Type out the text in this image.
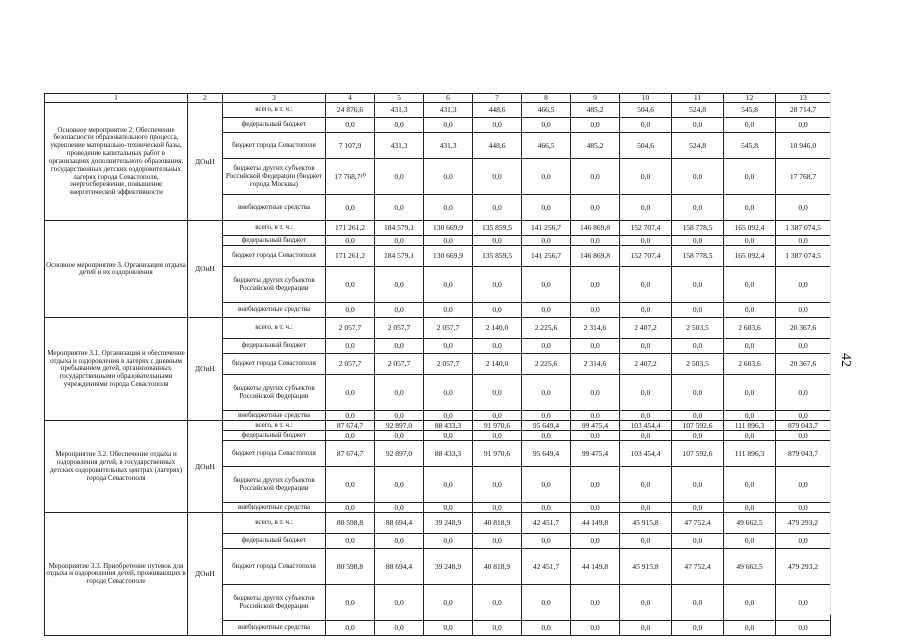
1	2	3	4	5	6	7	8	9	10	11	12	13
Основное мероприятие 2. Обеспечение безопасности образовательного процесса, укрепление материально-технической базы, проведение капитальных работ в организациях дополнительного образования, государственных детских оздоровительных лагерях города Севастополя, энергосбережение, повышение энергетической эффективности	ДОиН	всего, в т. ч.:	24 876,6	431,3	431,3	448,6	466,5	485,2	504,6	524,8	545,8	28 714,7
		федеральный бюджет	0,0	0,0	0,0	0,0	0,0	0,0	0,0	0,0	0,0	0,0
		бюджет города Севастополя	7 107,9	431,3	431,3	448,6	466,5	485,2	504,6	524,8	545,8	10 946,0
		бюджеты других субъектов Российской Федерации (бюджет города Москвы)	17 768,7¹⁰	0,0	0,0	0,0	0,0	0,0	0,0	0,0	0,0	17 768,7
		внебюджетные средства	0,0	0,0	0,0	0,0	0,0	0,0	0,0	0,0	0,0	0,0
Основное мероприятие 3. Организация отдыха детей и их оздоровления	ДОиН	всего, в т. ч.:	171 261,2	184 579,1	130 669,9	135 859,5	141 256,7	146 869,8	152 707,4	158 778,5	165 092,4	1 387 074,5
		федеральный бюджет	0,0	0,0	0,0	0,0	0,0	0,0	0,0	0,0	0,0	0,0
		бюджет города Севастополя	171 261,2	184 579,1	130 669,9	135 859,5	141 256,7	146 869,8	152 707,4	158 778,5	165 092,4	1 387 074,5
		бюджеты других субъектов Российской Федерации	0,0	0,0	0,0	0,0	0,0	0,0	0,0	0,0	0,0	0,0
		внебюджетные средства	0,0	0,0	0,0	0,0	0,0	0,0	0,0	0,0	0,0	0,0
Мероприятие 3.1. Организация и обеспечение отдыха и оздоровления в лагерях с дневным пребыванием детей, организованных государственными образовательными учреждениями города Севастополя	ДОиН	всего, в т. ч.:	2 057,7	2 057,7	2 057,7	2 140,0	2 225,6	2 314,6	2 407,2	2 503,5	2 603,6	20 367,6
		федеральный бюджет	0,0	0,0	0,0	0,0	0,0	0,0	0,0	0,0	0,0	0,0
		бюджет города Севастополя	2 057,7	2 057,7	2 057,7	2 140,0	2 225,6	2 314,6	2 407,2	2 503,5	2 603,6	20 367,6
		бюджеты других субъектов Российской Федерации	0,0	0,0	0,0	0,0	0,0	0,0	0,0	0,0	0,0	0,0
		внебюджетные средства	0,0	0,0	0,0	0,0	0,0	0,0	0,0	0,0	0,0	0,0
Мероприятие 3.2. Обеспечение отдыха и оздоровления детей, в государственных детских оздоровительных центрах (лагерях) города Севастополя	ДОиН	всего, в т. ч.:	87 674,7	92 897,0	88 433,3	91 970,6	95 649,4	99 475,4	103 454,4	107 592,6	111 896,3	879 043,7
		федеральный бюджет	0,0	0,0	0,0	0,0	0,0	0,0	0,0	0,0	0,0	0,0
		бюджет города Севастополя	87 674,7	92 897,0	88 433,3	91 970,6	95 649,4	99 475,4	103 454,4	107 592,6	111 896,3	879 043,7
		бюджеты других субъектов Российской Федерации	0,0	0,0	0,0	0,0	0,0	0,0	0,0	0,0	0,0	0,0
		внебюджетные средства	0,0	0,0	0,0	0,0	0,0	0,0	0,0	0,0	0,0	0,0
Мероприятие 3.3. Приобретение путевок для отдыха и оздоровления детей, проживающих в городе Севастополе	ДОиН	всего, в т. ч.:	80 598,8	88 694,4	39 248,9	40 818,9	42 451,7	44 149,8	45 915,8	47 752,4	49 662,5	479 293,2
		федеральный бюджет	0,0	0,0	0,0	0,0	0,0	0,0	0,0	0,0	0,0	0,0
		бюджет города Севастополя	80 598,8	88 694,4	39 248,9	40 818,9	42 451,7	44 149,8	45 915,8	47 752,4	49 662,5	479 293,2
		бюджеты других субъектов Российской Федерации	0,0	0,0	0,0	0,0	0,0	0,0	0,0	0,0	0,0	0,0
		внебюджетные средства	0,0	0,0	0,0	0,0	0,0	0,0	0,0	0,0	0,0	0,0
42
